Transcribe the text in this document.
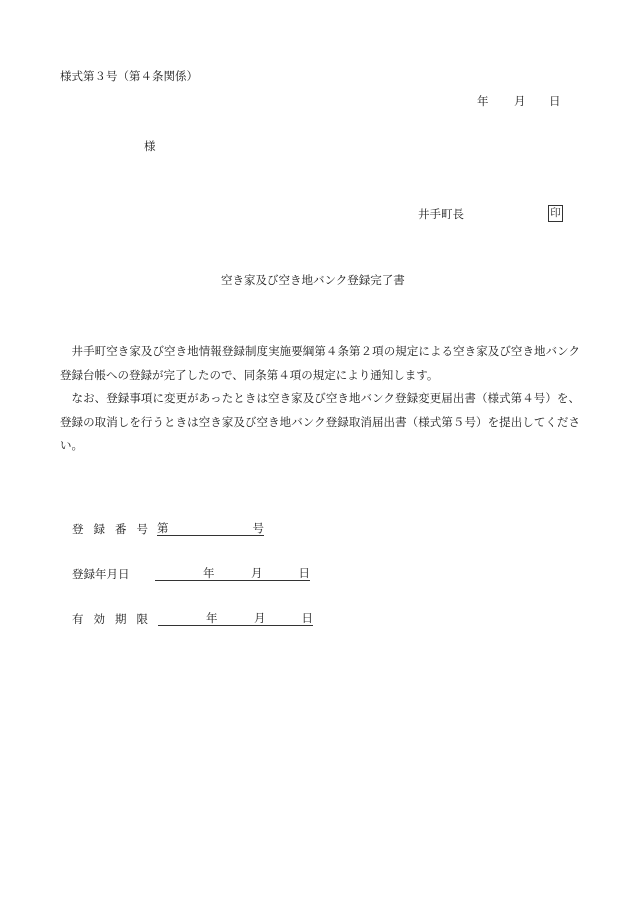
様式第３号（第４条関係）
年 月 日
様
井手町長	印
空き家及び空き地バンク登録完了書

井手町空き家及び空き地情報登録制度実施要綱第４条第２項の規定による空き家及び空き地バンク登録台帳への登録が完了したので、同条第４項の規定により通知します。

なお、登録事項に変更があったときは空き家及び空き地バンク登録変更届出書（様式第４号）を、登録の取消しを行うときは空き家及び空き地バンク登録取消届出書（様式第５号）を提出してください。

登録番号 第	号
登録年月日	年	月	日
有効期限	年	月	日
